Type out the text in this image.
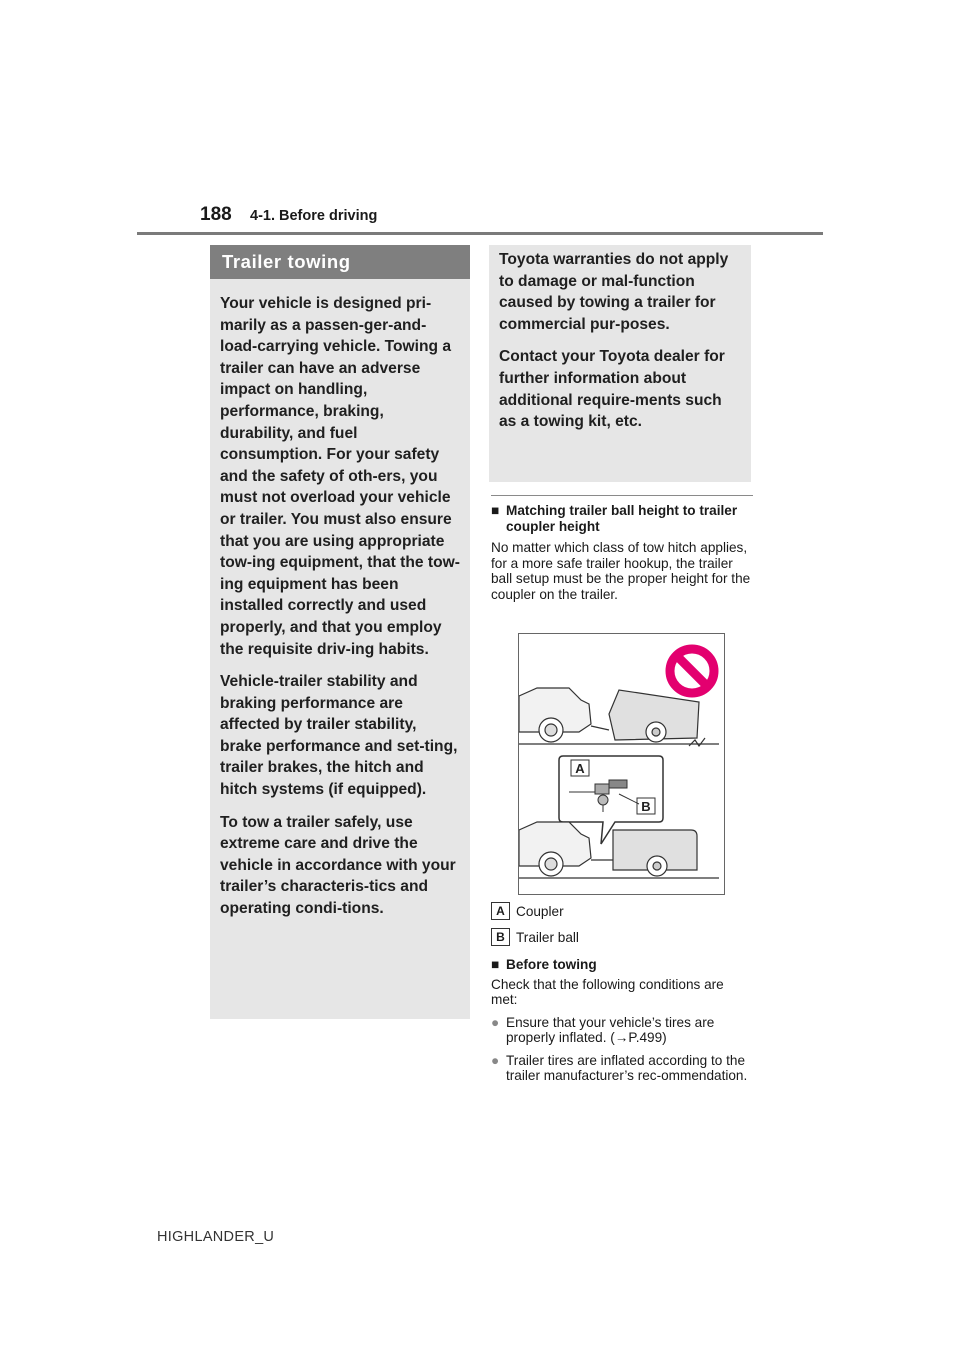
188 4-1. Before driving
Trailer towing

Your vehicle is designed pri-marily as a passen-ger-and-load-carrying vehicle. Towing a trailer can have an adverse impact on handling, performance, braking, durability, and fuel consumption. For your safety and the safety of oth-ers, you must not overload your vehicle or trailer. You must also ensure that you are using appropriate tow-ing equipment, that the tow-ing equipment has been installed correctly and used properly, and that you employ the requisite driv-ing habits.

Vehicle-trailer stability and braking performance are affected by trailer stability, brake performance and set-ting, trailer brakes, the hitch and hitch systems (if equipped).

To tow a trailer safely, use extreme care and drive the vehicle in accordance with your trailer’s characteris-tics and operating condi-tions.

Toyota warranties do not apply to damage or mal-function caused by towing a trailer for commercial pur-poses.

Contact your Toyota dealer for further information about additional require-ments such as a towing kit, etc.

■ Matching trailer ball height to trailer coupler height

No matter which class of tow hitch applies, for a more safe trailer hookup, the trailer ball setup must be the proper height for the coupler on the trailer.

A
B
A Coupler
B Trailer ball
■ Before towing

Check that the following conditions are met:

● Ensure that your vehicle’s tires are properly inflated. (→P.499)
● Trailer tires are inflated according to the trailer manufacturer’s rec-ommendation.
HIGHLANDER_U
